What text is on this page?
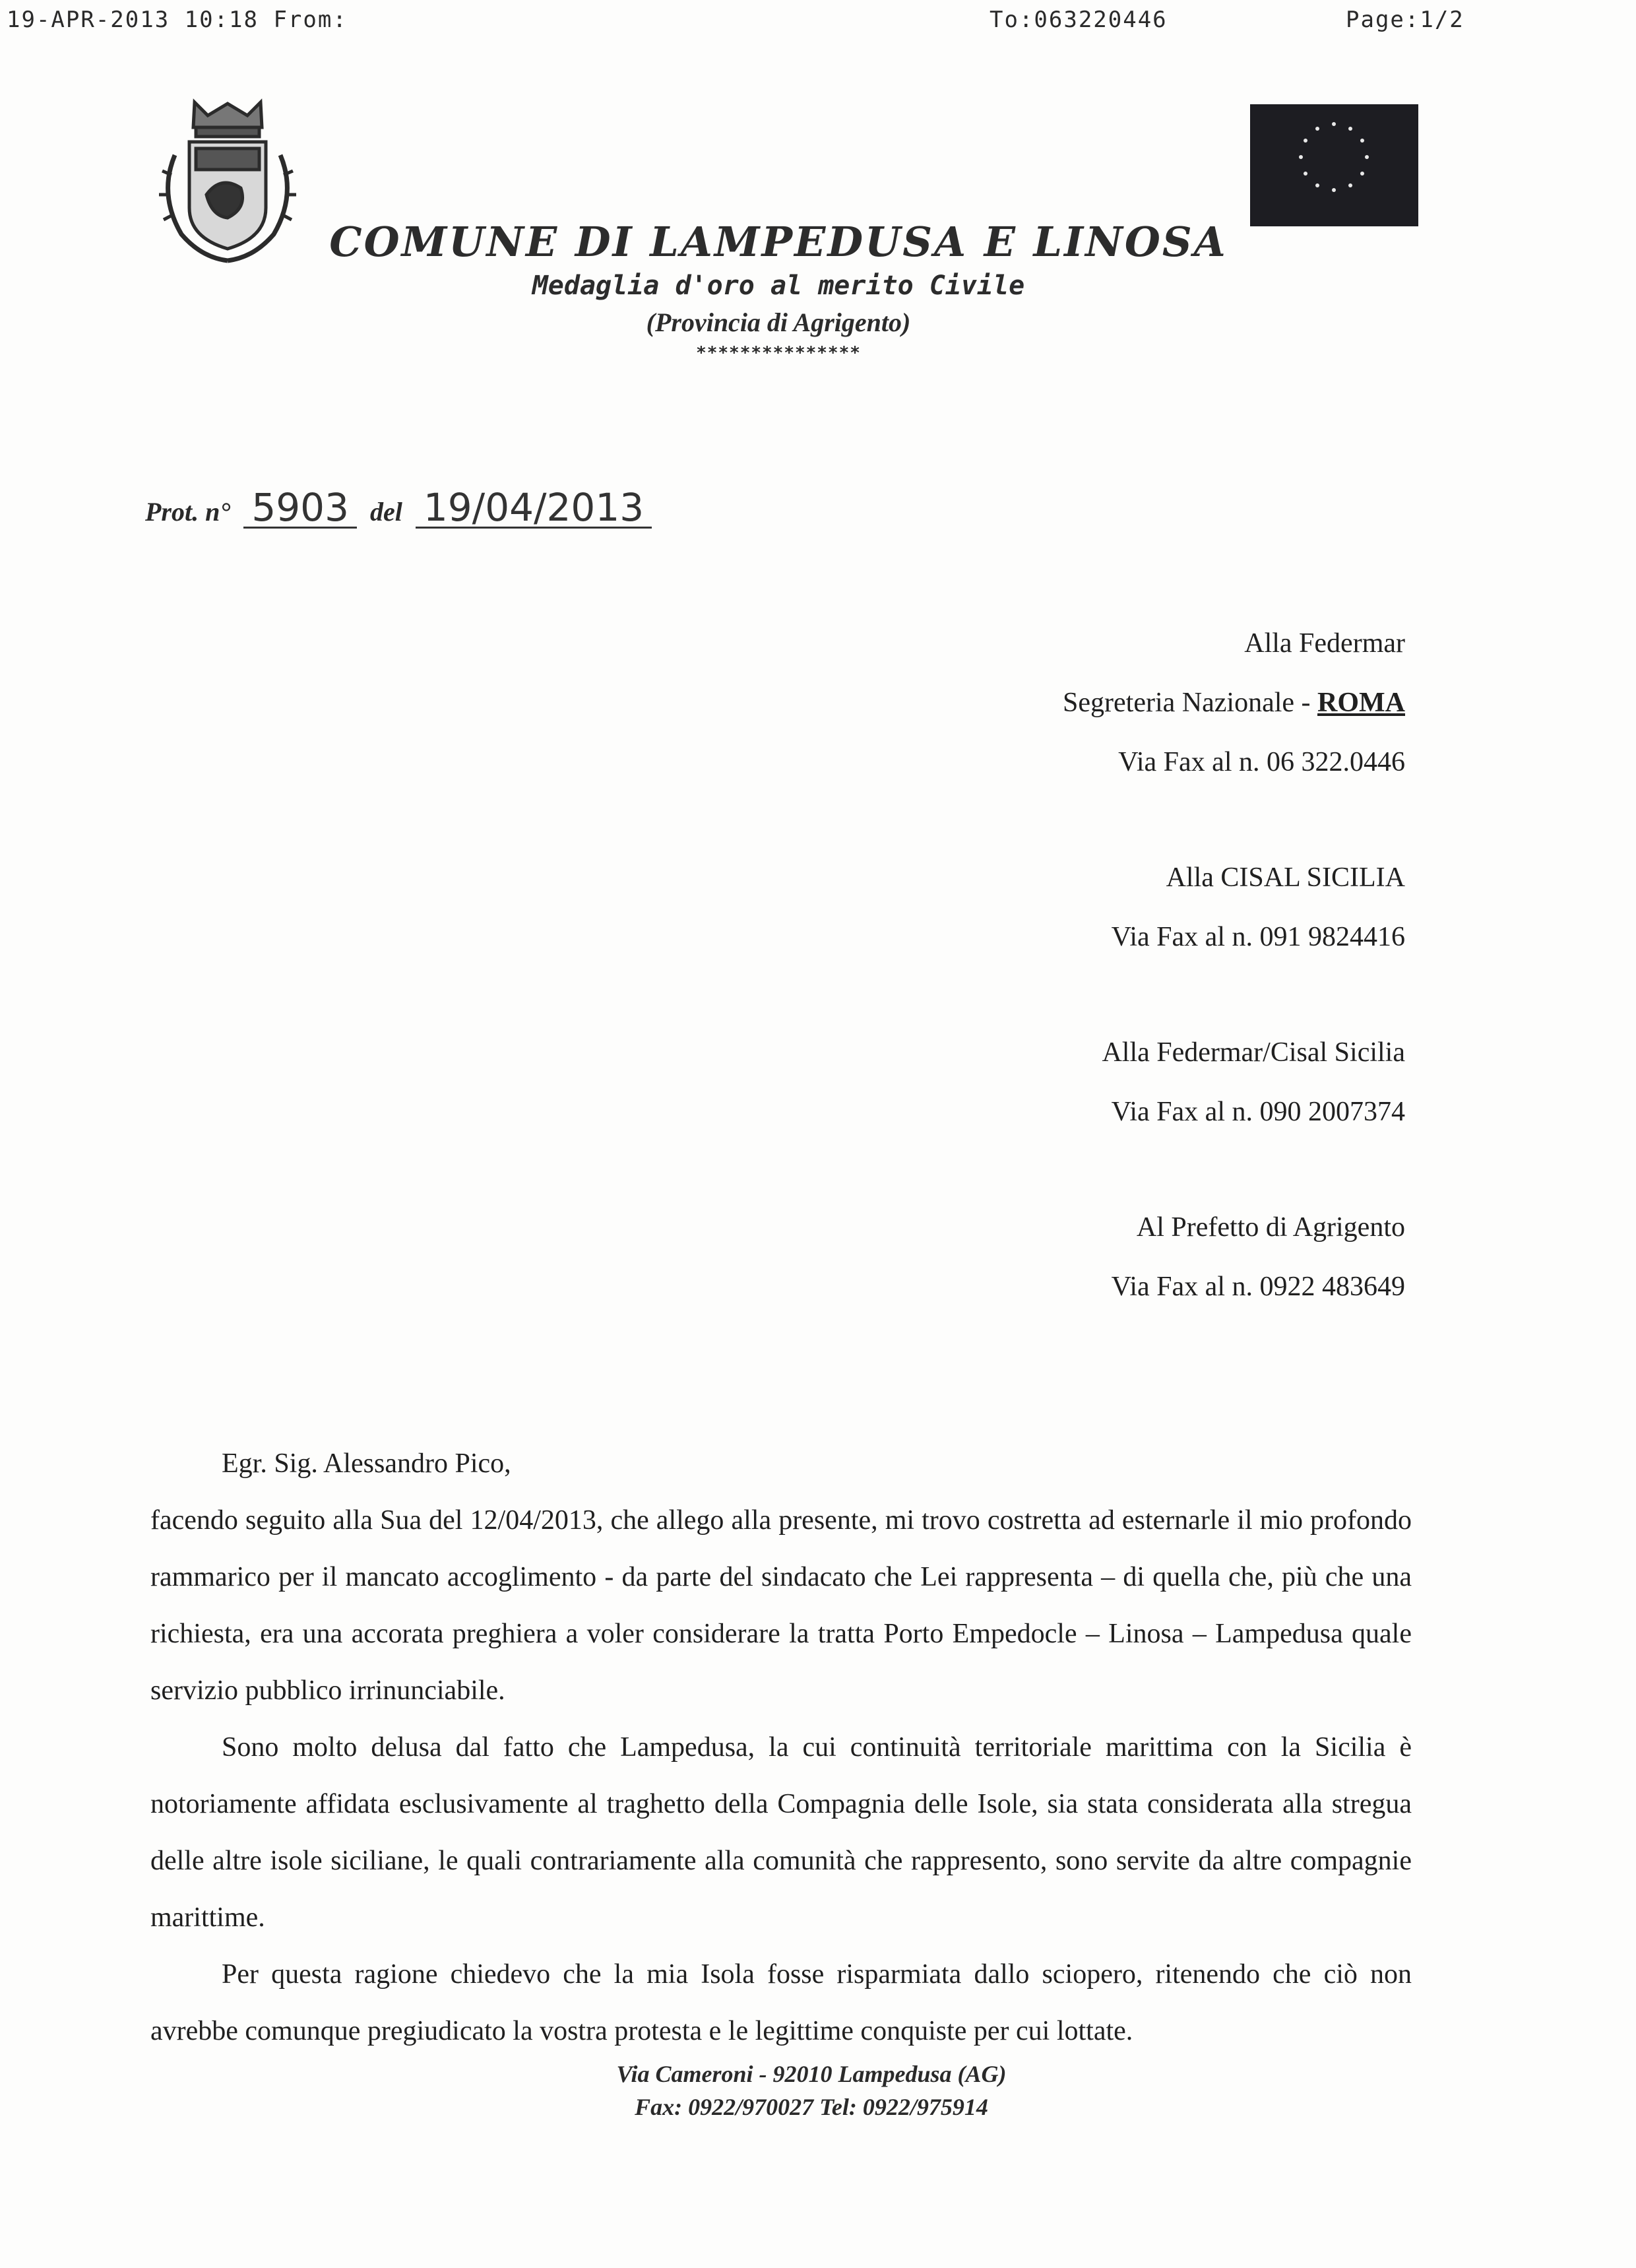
19-APR-2013 10:18 From:	To:063220446	Page:1/2
COMUNE DI LAMPEDUSA E LINOSA
Medaglia d'oro al merito Civile
(Provincia di Agrigento)
***************
Prot. n° 5903 del 19/04/2013
Alla Federmar
Segreteria Nazionale - ROMA
Via Fax al n. 06 322.0446
Alla CISAL SICILIA
Via Fax al n. 091 9824416
Alla Federmar/Cisal Sicilia
Via Fax al n. 090 2007374
Al Prefetto di Agrigento
Via Fax al n. 0922 483649

Egr. Sig. Alessandro Pico,

facendo seguito alla Sua del 12/04/2013, che allego alla presente, mi trovo costretta ad esternarle il mio profondo rammarico per il mancato accoglimento - da parte del sindacato che Lei rappresenta – di quella che, più che una richiesta, era una accorata preghiera a voler considerare la tratta Porto Empedocle – Linosa – Lampedusa quale servizio pubblico irrinunciabile.

Sono molto delusa dal fatto che Lampedusa, la cui continuità territoriale marittima con la Sicilia è notoriamente affidata esclusivamente al traghetto della Compagnia delle Isole, sia stata considerata alla stregua delle altre isole siciliane, le quali contrariamente alla comunità che rappresento, sono servite da altre compagnie marittime.

Per questa ragione chiedevo che la mia Isola fosse risparmiata dallo sciopero, ritenendo che ciò non avrebbe comunque pregiudicato la vostra protesta e le legittime conquiste per cui lottate.

Via Cameroni - 92010 Lampedusa (AG)
Fax: 0922/970027 Tel: 0922/975914
